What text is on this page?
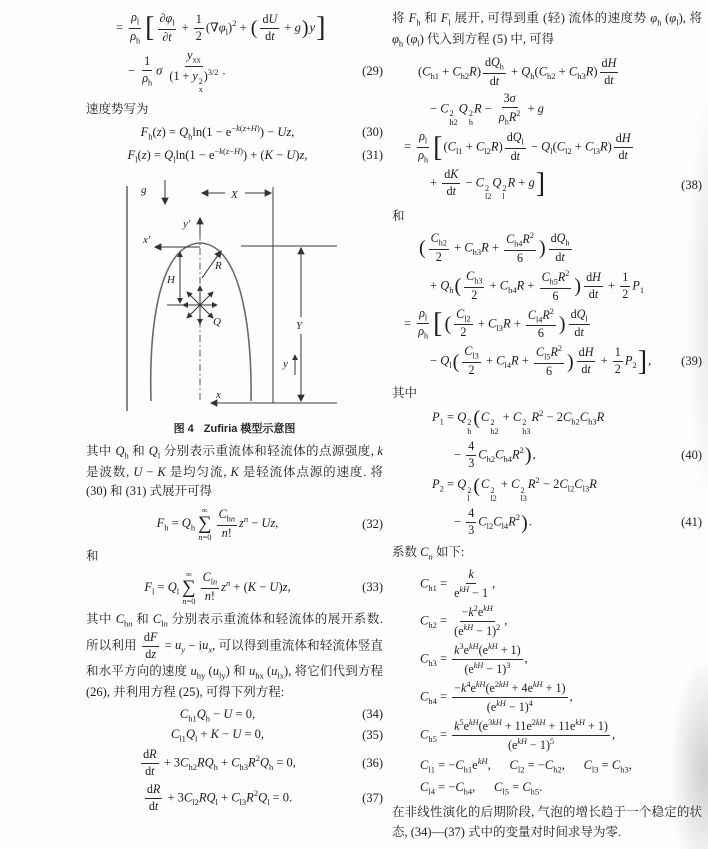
= $\frac{\rho_l}{\rho_h}$ [ $\frac{\partial\varphi_l}{\partial t} + \frac{1}{2} (\nabla\varphi_l)^2$ + ( $\frac{dU}{dt} + g)y$]
− $\frac{1}{\rho_h}$ σ
$y_{xx}$
(1 + y 2
x
)$^{3/2}$ .	(29)

速度势写为

$F_h(z) = Q_h\ln(1 - e^{-k(z+H)}) - Uz$,	(30)
$F_l(z) = Q_l\ln(1 - e^{-k(z-H)}) + (K - U)z$,	(31)
g	X
y′
Y
x′
R
H
Q
y
x
图 4 Zufiria 模型示意图

其中 $Q_h$ 和 $Q_l$ 分别表示重流体和轻流体的点源强度, k 是波数, U − K 是均匀流, K 是轻流体点源的速度. 将 (30) 和 (31) 式展开可得

$F_h = Q_h$
∞
∑
n=0
$C_{hn}$
n!
$z^n - Uz$,	(32)

和

$F_l = Q_l$
∞
∑
$n=0 \frac{C_{ln}}{n!} z^n + (K - U)z$,	(33)

其中 $C_{hn}$ 和 $C_{ln}$ 分别表示重流体和轻流体的展开系数. 所以利用 $\frac{dF}{dz} = u_y - iu_x$, 可以得到重流体和轻流体竖直和水平方向的速度 $u_{hy}$ $(u_{ly})$ 和 $u_{hx}$ $(u_{lx})$, 将它们代到方程 (26), 并利用方程 (25), 可得下列方程:

$C_{h1}Q_h - U = 0$,	(34)
$C_{l1}Q_l + K - U = 0$,	(35)
$\frac{dR}{dt} + 3C_{h2}RQ_h + C_{h3}R^2Q_h = 0$,	(36)
$\frac{dR}{dt} + 3C_{l2}RQ_l + C_{l3}R^2Q_l = 0$.	(37)

将 $F_h$ 和 $F_l$ 展开, 可得到重 (轻) 流体的速度势 $\varphi_h$ $(\varphi_l)$, 将 $\varphi_h$ $(\varphi_l)$ 代入到方程 (5) 中, 可得

$(C_{h1} + C_{h2}R)$
$dQ_h$
dt
+ $Q_h(C_{h2} + C_{h3}R) \frac{dH}{dt}$
− C 2
h2
Q 2
h
R −
3σ
$\rho_hR^2 + g$
= $\frac{\rho_l}{\rho_h} [(C_{l1} + C_{l2}R)$
$dQ_l$
dt
− $Q_l(C_{l2} + C_{l3}R) \frac{dH}{dt}$
+ $\frac{dK}{dt} - C$ 2
l2
Q 2
l
R + g]	(38)

和

( $\frac{C_{h2}}{2} + C_{h3}R + \frac{C_{h4}R^2}{6}$ ) $dQ_h$
dt
+ $Q_h( \frac{C_{h3}}{2} + C_{h4}R + \frac{C_{h5}R^2}{6}$ ) $\frac{dH}{dt} + \frac{1}{2} P_1$
= $\frac{\rho_l}{\rho_h}$ [ ( $\frac{C_{l2}}{2} + C_{l3}R + \frac{C_{l4}R^2}{6}$ ) $dQ_l$
dt
− $Q_l( \frac{C_{l3}}{2} + C_{l4}R + \frac{C_{l5}R^2}{6}$ ) $\frac{dH}{dt} + \frac{1}{2} P_2$],	(39)

其中

$P_1 = Q$ 2
h
(C 2
h2
+ C 2
h3
$R^2 - 2C_{h2}C_{h3}R$
− $\frac{4}{3} C_{h2}C_{h4}R^2$),	(40)
$P_2 = Q$ 2
l
(C 2
l2
+ C 2
l3
$R^2 - 2C_{l2}C_{l3}R$
− $\frac{4}{3} C_{l2}C_{l4}R^2$).	(41)

系数 $C_n$ 如下:

$C_{h1}$ =
k
$e^{kH} - 1$
,
$C_{h2}$ =
$-k^2e^{kH}$
$(e^{kH} - 1)^2$
,
$C_{h3}$ =
$k^3e^{kH}(e^{kH} + 1)$
$(e^{kH} - 1)^3$
,
$C_{h4}$ =
$-k^4e^{kH}(e^{2kH} + 4e^{kH} + 1)$
$(e^{kH} - 1)^4$
,
$C_{h5}$ =
$k^5e^{kH}(e^{3kH} + 11e^{2kH} + 11e^{kH} + 1)$
$(e^{kH} - 1)^5$
,
$C_{l1} = -C_{h1}e^{kH}$,  $C_{l2} = -C_{h2}$,  $C_{l3} = C_{h3}$,
$C_{l4} = -C_{h4}$,  $C_{l5} = C_{h5}$.

在非线性演化的后期阶段, 气泡的增长趋于一个稳定的状态, (34)—(37) 式中的变量对时间求导为零.
